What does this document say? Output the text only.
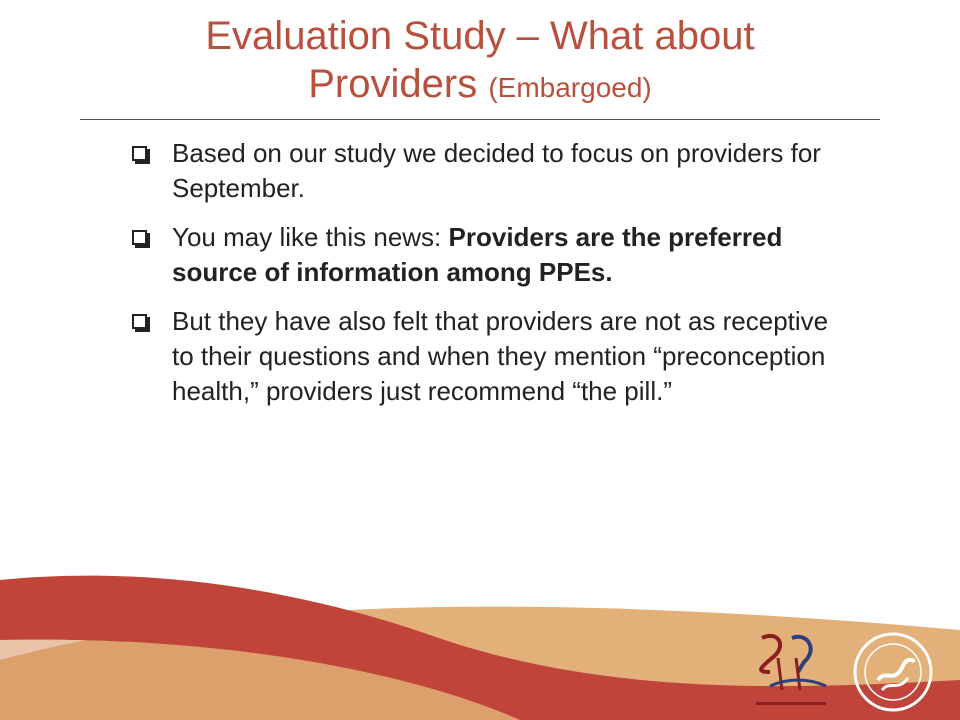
Evaluation Study – What about
Providers (Embargoed)
Based on our study we decided to focus on providers for September.
You may like this news: Providers are the preferred source of information among PPEs.
But they have also felt that providers are not as receptive to their questions and when they mention “preconception health,” providers just recommend “the pill.”
